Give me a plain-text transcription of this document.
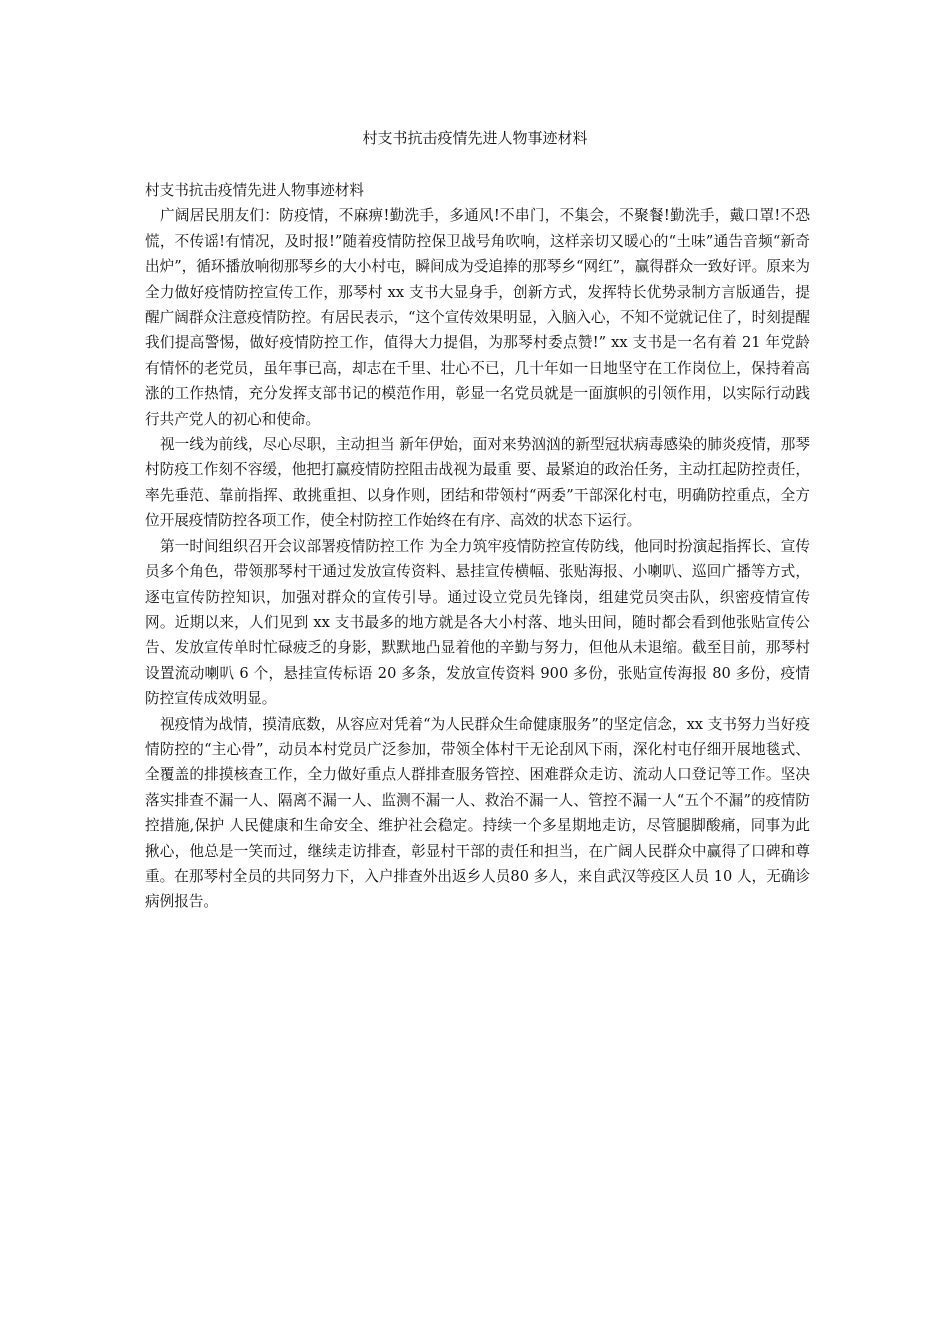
村支书抗击疫情先进人物事迹材料

村支书抗击疫情先进人物事迹材料

广阔居民朋友们：防疫情，不麻痹!勤洗手，多通风!不串门，不集会，不聚餐!勤洗手，戴口罩!不恐慌，不传谣!有情况，及时报!”随着疫情防控保卫战号角吹响，这样亲切又暖心的“土味”通告音频“新奇出炉”，循环播放响彻那琴乡的大小村屯，瞬间成为受追捧的那琴乡“网红”，赢得群众一致好评。原来为全力做好疫情防控宣传工作，那琴村 xx 支书大显身手，创新方式，发挥特长优势录制方言版通告，提醒广阔群众注意疫情防控。有居民表示，“这个宣传效果明显，入脑入心，不知不觉就记住了，时刻提醒我们提高警惕，做好疫情防控工作，值得大力提倡，为那琴村委点赞!” xx 支书是一名有着 21 年党龄有情怀的老党员，虽年事已高，却志在千里、壮心不已，几十年如一日地坚守在工作岗位上，保持着高涨的工作热情，充分发挥支部书记的模范作用，彰显一名党员就是一面旗帜的引领作用，以实际行动践行共产党人的初心和使命。

视一线为前线，尽心尽职，主动担当 新年伊始，面对来势汹汹的新型冠状病毒感染的肺炎疫情，那琴村防疫工作刻不容缓，他把打赢疫情防控阻击战视为最重 要、最紧迫的政治任务，主动扛起防控责任，率先垂范、靠前指挥、敢挑重担、以身作则，团结和带领村“两委”干部深化村屯，明确防控重点，全方位开展疫情防控各项工作，使全村防控工作始终在有序、高效的状态下运行。

第一时间组织召开会议部署疫情防控工作 为全力筑牢疫情防控宣传防线，他同时扮演起指挥长、宣传员多个角色，带领那琴村干通过发放宣传资料、悬挂宣传横幅、张贴海报、小喇叭、巡回广播等方式，逐屯宣传防控知识，加强对群众的宣传引导。通过设立党员先锋岗，组建党员突击队，织密疫情宣传网。近期以来，人们见到 xx 支书最多的地方就是各大小村落、地头田间，随时都会看到他张贴宣传公告、发放宣传单时忙碌疲乏的身影，默默地凸显着他的辛勤与努力，但他从未退缩。截至目前，那琴村设置流动喇叭 6 个，悬挂宣传标语 20 多条，发放宣传资料 900 多份，张贴宣传海报 80 多份，疫情防控宣传成效明显。

视疫情为战情，摸清底数，从容应对凭着“为人民群众生命健康服务”的坚定信念，xx 支书努力当好疫情防控的“主心骨”，动员本村党员广泛参加，带领全体村干无论刮风下雨，深化村屯仔细开展地毯式、全覆盖的排摸核查工作，全力做好重点人群排查服务管控、困难群众走访、流动人口登记等工作。坚决落实排查不漏一人、隔离不漏一人、监测不漏一人、救治不漏一人、管控不漏一人“五个不漏”的疫情防控措施,保护 人民健康和生命安全、维护社会稳定。持续一个多星期地走访，尽管腿脚酸痛，同事为此揪心，他总是一笑而过，继续走访排查，彰显村干部的责任和担当，在广阔人民群众中赢得了口碑和尊重。在那琴村全员的共同努力下，入户排查外出返乡人员80 多人，来自武汉等疫区人员 10 人，无确诊病例报告。
